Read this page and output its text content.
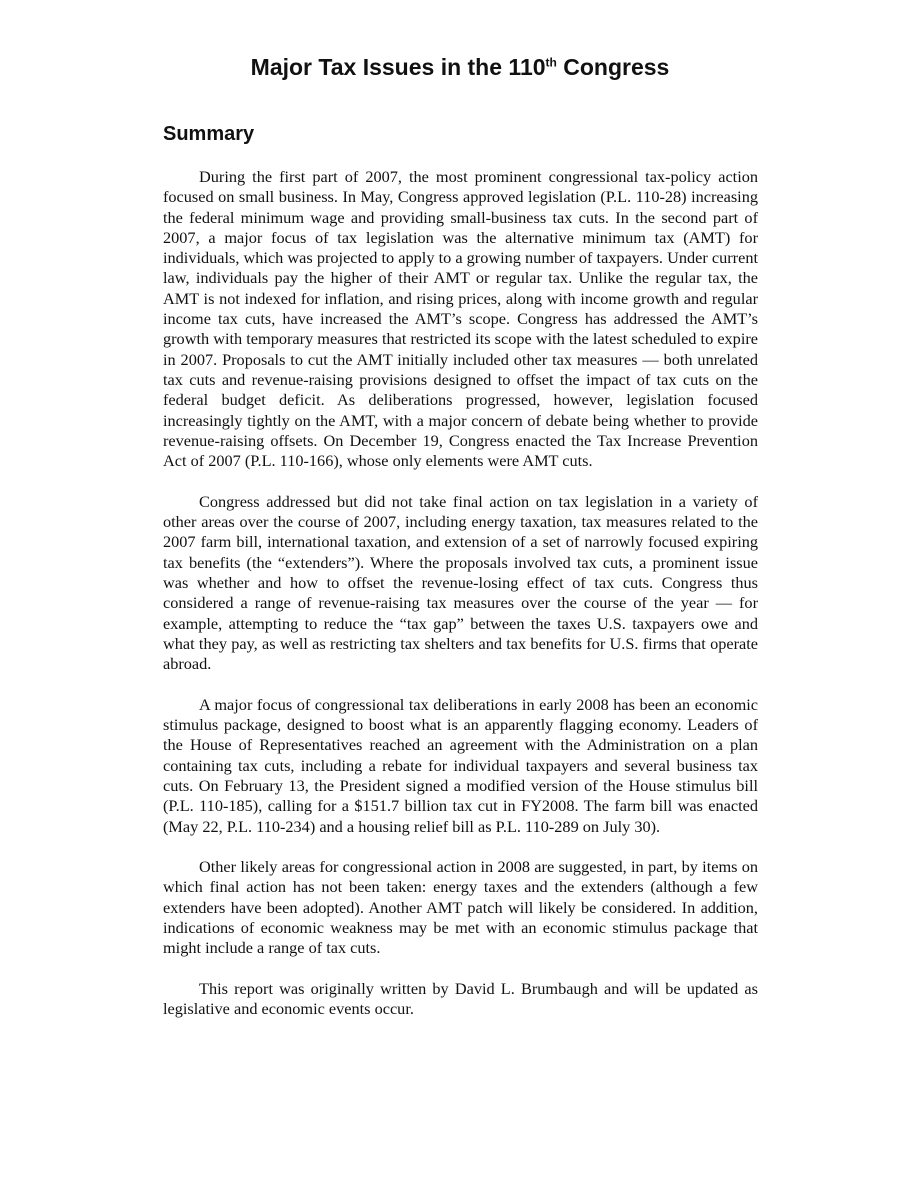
Major Tax Issues in the 110th Congress
Summary

During the first part of 2007, the most prominent congressional tax-policy action focused on small business. In May, Congress approved legislation (P.L. 110-28) increasing the federal minimum wage and providing small-business tax cuts. In the second part of 2007, a major focus of tax legislation was the alternative minimum tax (AMT) for individuals, which was projected to apply to a growing number of taxpayers. Under current law, individuals pay the higher of their AMT or regular tax. Unlike the regular tax, the AMT is not indexed for inflation, and rising prices, along with income growth and regular income tax cuts, have increased the AMT’s scope. Congress has addressed the AMT’s growth with temporary measures that restricted its scope with the latest scheduled to expire in 2007. Proposals to cut the AMT initially included other tax measures — both unrelated tax cuts and revenue-raising provisions designed to offset the impact of tax cuts on the federal budget deficit. As deliberations progressed, however, legislation focused increasingly tightly on the AMT, with a major concern of debate being whether to provide revenue-raising offsets. On December 19, Congress enacted the Tax Increase Prevention Act of 2007 (P.L. 110-166), whose only elements were AMT cuts.

Congress addressed but did not take final action on tax legislation in a variety of other areas over the course of 2007, including energy taxation, tax measures related to the 2007 farm bill, international taxation, and extension of a set of narrowly focused expiring tax benefits (the “extenders”). Where the proposals involved tax cuts, a prominent issue was whether and how to offset the revenue-losing effect of tax cuts. Congress thus considered a range of revenue-raising tax measures over the course of the year — for example, attempting to reduce the “tax gap” between the taxes U.S. taxpayers owe and what they pay, as well as restricting tax shelters and tax benefits for U.S. firms that operate abroad.

A major focus of congressional tax deliberations in early 2008 has been an economic stimulus package, designed to boost what is an apparently flagging economy. Leaders of the House of Representatives reached an agreement with the Administration on a plan containing tax cuts, including a rebate for individual taxpayers and several business tax cuts. On February 13, the President signed a modified version of the House stimulus bill (P.L. 110-185), calling for a $151.7 billion tax cut in FY2008. The farm bill was enacted (May 22, P.L. 110-234) and a housing relief bill as P.L. 110-289 on July 30).

Other likely areas for congressional action in 2008 are suggested, in part, by items on which final action has not been taken: energy taxes and the extenders (although a few extenders have been adopted). Another AMT patch will likely be considered. In addition, indications of economic weakness may be met with an economic stimulus package that might include a range of tax cuts.

This report was originally written by David L. Brumbaugh and will be updated as legislative and economic events occur.
